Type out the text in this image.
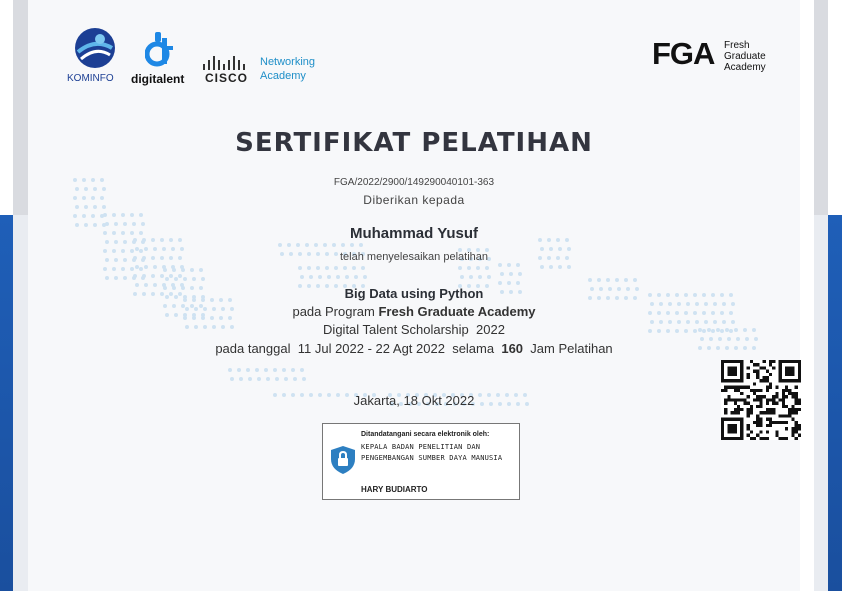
KOMINFO digitalent CISCO
Networking
Academy
FGA Fresh
Graduate
Academy
SERTIFIKAT PELATIHAN
FGA/2022/2900/149290040101-363
Diberikan kepada
Muhammad Yusuf
telah menyelesaikan pelatihan
Big Data using Python
pada Program Fresh Graduate Academy
Digital Talent Scholarship 2022
pada tanggal 11 Jul 2022 - 22 Agt 2022 selama 160 Jam Pelatihan
Jakarta, 18 Okt 2022
Ditandatangani secara elektronik oleh:
KEPALA BADAN PENELITIAN DAN PENGEMBANGAN SUMBER DAYA MANUSIA
HARY BUDIARTO
